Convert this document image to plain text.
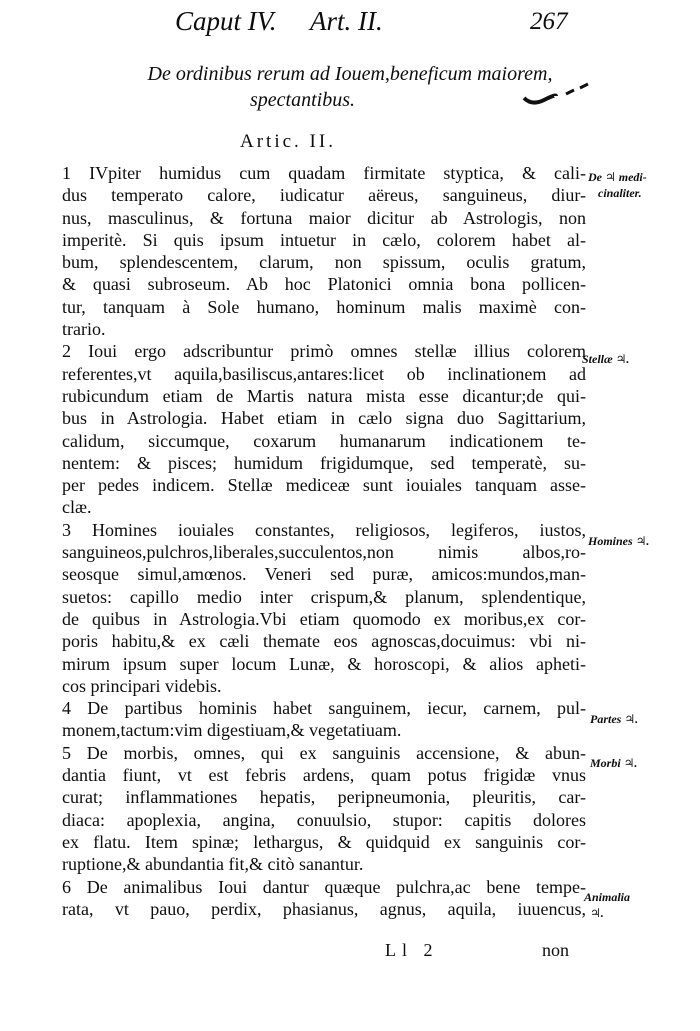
Caput IV. Art. II.	267
De ordinibus rerum ad Iouem,beneficum maiorem,
spectantibus.
Artic. II.
1 IVpiter humidus cum quadam firmitate styptica, & cali-
dus temperato calore, iudicatur aëreus, sanguineus, diur-
nus, masculinus, & fortuna maior dicitur ab Astrologis, non
imperitè. Si quis ipsum intuetur in cælo, colorem habet al-
bum, splendescentem, clarum, non spissum, oculis gratum,
& quasi subroseum. Ab hoc Platonici omnia bona pollicen-
tur, tanquam à Sole humano, hominum malis maximè con-
trario.
2 Ioui ergo adscribuntur primò omnes stellæ illius colorem
referentes,vt aquila,basiliscus,antares:licet ob inclinationem ad
rubicundum etiam de Martis natura mista esse dicantur;de qui-
bus in Astrologia. Habet etiam in cælo signa duo Sagittarium,
calidum, siccumque, coxarum humanarum indicationem te-
nentem: & pisces; humidum frigidumque, sed temperatè, su-
per pedes indicem. Stellæ mediceæ sunt iouiales tanquam asse-
clæ.
3 Homines iouiales constantes, religiosos, legiferos, iustos,
sanguineos,pulchros,liberales,succulentos,non nimis albos,ro-
seosque simul,amœnos. Veneri sed puræ, amicos:mundos,man-
suetos: capillo medio inter crispum,& planum, splendentique,
de quibus in Astrologia.Vbi etiam quomodo ex moribus,ex cor-
poris habitu,& ex cæli themate eos agnoscas,docuimus: vbi ni-
mirum ipsum super locum Lunæ, & horoscopi, & alios apheti-
cos principari videbis.
4 De partibus hominis habet sanguinem, iecur, carnem, pul-
monem,tactum:vim digestiuam,& vegetatiuam.
5 De morbis, omnes, qui ex sanguinis accensione, & abun-
dantia fiunt, vt est febris ardens, quam potus frigidæ vnus
curat; inflammationes hepatis, peripneumonia, pleuritis, car-
diaca: apoplexia, angina, conuulsio, stupor: capitis dolores
ex flatu. Item spinæ; lethargus, & quidquid ex sanguinis cor-
ruptione,& abundantia fit,& citò sanantur.
6 De animalibus Ioui dantur quæque pulchra,ac bene tempe-
rata, vt pauo, perdix, phasianus, agnus, aquila, iuuencus,
Ll 2	non
De ♃ medi-
cinaliter.
Stellæ ♃.
Homines ♃.
Partes ♃.
Morbi ♃.
Animalia
♃.
